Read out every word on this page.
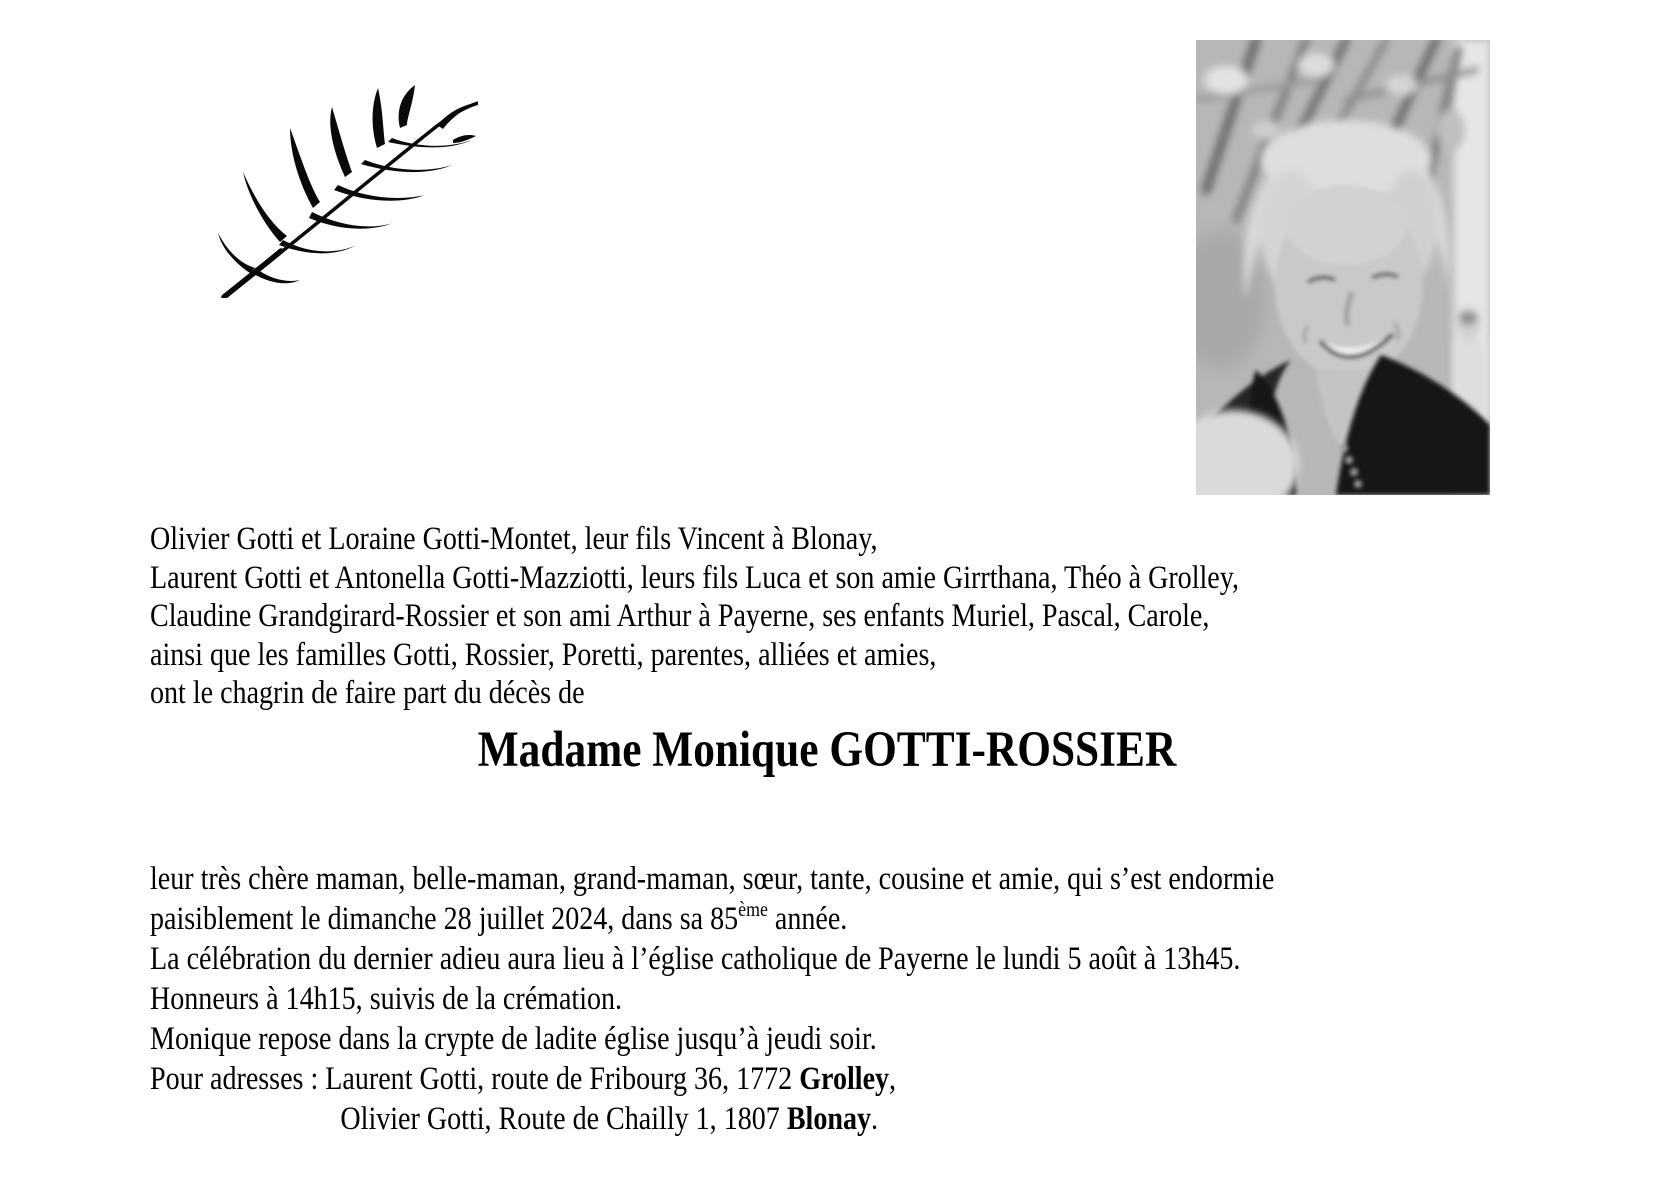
Olivier Gotti et Loraine Gotti-Montet, leur fils Vincent à Blonay,
Laurent Gotti et Antonella Gotti-Mazziotti, leurs fils Luca et son amie Girrthana, Théo à Grolley,
Claudine Grandgirard-Rossier et son ami Arthur à Payerne, ses enfants Muriel, Pascal, Carole,
ainsi que les familles Gotti, Rossier, Poretti, parentes, alliées et amies,
ont le chagrin de faire part du décès de
Madame Monique GOTTI-ROSSIER
leur très chère maman, belle-maman, grand-maman, sœur, tante, cousine et amie, qui s’est endormie
paisiblement le dimanche 28 juillet 2024, dans sa 85ème année.
La célébration du dernier adieu aura lieu à l’église catholique de Payerne le lundi 5 août à 13h45.
Honneurs à 14h15, suivis de la crémation.
Monique repose dans la crypte de ladite église jusqu’à jeudi soir.
Pour adresses : Laurent Gotti, route de Fribourg 36, 1772 Grolley,
Olivier Gotti, Route de Chailly 1, 1807 Blonay.
